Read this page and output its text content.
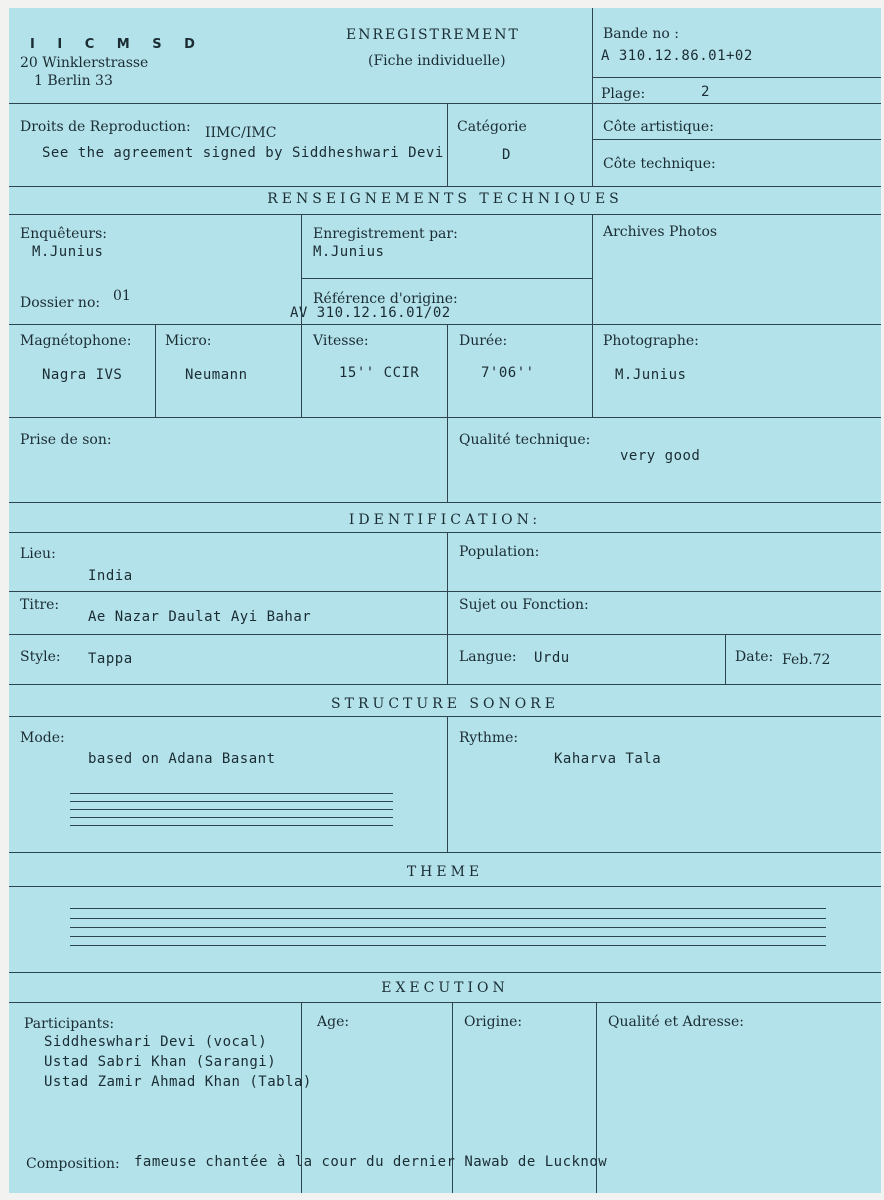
I I C M S D
20 Winklerstrasse
1 Berlin 33
ENREGISTREMENT
(Fiche individuelle)
Bande no :
A 310.12.86.01+02
Plage:	2
Droits de Reproduction: IIMC/IMC
See the agreement signed by Siddheshwari Devi
Catégorie
D
Côte artistique:
Côte technique:
RENSEIGNEMENTS TECHNIQUES
Enquêteurs:
M.Junius
Enregistrement par:
M.Junius
Archives Photos
Dossier no: 01	Référence d'origine:
AV 310.12.16.01/02
Magnétophone:
Nagra IVS
Micro:
Neumann
Vitesse:
15'' CCIR
Durée:
7'06''
Photographe:
M.Junius
Prise de son:	Qualité technique:
very good
IDENTIFICATION:
Lieu:
India
Population:
Titre:
Ae Nazar Daulat Ayi Bahar
Sujet ou Fonction:
Style: Tappa	Langue: Urdu	Date: Feb.72
STRUCTURE SONORE
Mode:
based on Adana Basant
Rythme:
Kaharva Tala
THEME
EXECUTION
Participants:
Siddheswhari Devi (vocal)
Ustad Sabri Khan (Sarangi)
Ustad Zamir Ahmad Khan (Tabla)
Age:	Origine:	Qualité et Adresse:
Composition: fameuse chantée à la cour du dernier Nawab de Lucknow
